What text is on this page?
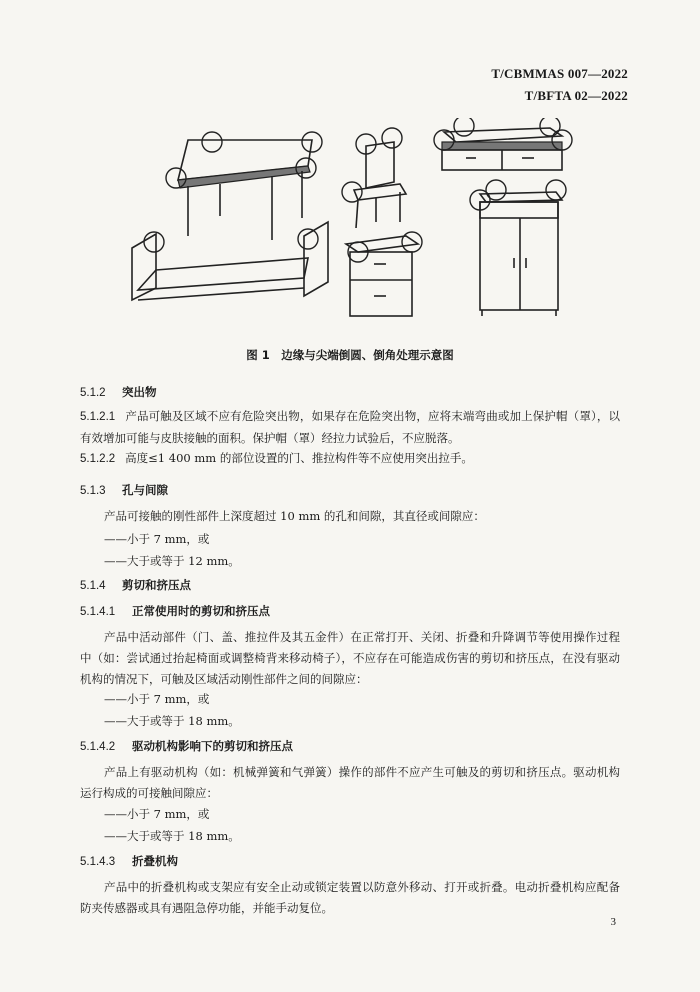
T/CBMMAS 007—2022
T/BFTA 02—2022
图 1　边缘与尖端倒圆、倒角处理示意图
5.1.2 突出物

5.1.2.1 产品可触及区域不应有危险突出物，如果存在危险突出物，应将末端弯曲或加上保护帽（罩），以有效增加可能与皮肤接触的面积。保护帽（罩）经拉力试验后，不应脱落。

5.1.2.2 高度≤1 400 mm 的部位设置的门、推拉构件等不应使用突出拉手。

5.1.3 孔与间隙

产品可接触的刚性部件上深度超过 10 mm 的孔和间隙，其直径或间隙应：

——小于 7 mm，或
——大于或等于 12 mm。
5.1.4 剪切和挤压点
5.1.4.1 正常使用时的剪切和挤压点

产品中活动部件（门、盖、推拉件及其五金件）在正常打开、关闭、折叠和升降调节等使用操作过程中（如：尝试通过抬起椅面或调整椅背来移动椅子），不应存在可能造成伤害的剪切和挤压点，在没有驱动机构的情况下，可触及区域活动刚性部件之间的间隙应：

——小于 7 mm，或
——大于或等于 18 mm。
5.1.4.2 驱动机构影响下的剪切和挤压点

产品上有驱动机构（如：机械弹簧和气弹簧）操作的部件不应产生可触及的剪切和挤压点。驱动机构运行构成的可接触间隙应：

——小于 7 mm，或
——大于或等于 18 mm。
5.1.4.3 折叠机构

产品中的折叠机构或支架应有安全止动或锁定装置以防意外移动、打开或折叠。电动折叠机构应配备防夹传感器或具有遇阻急停功能，并能手动复位。

3
